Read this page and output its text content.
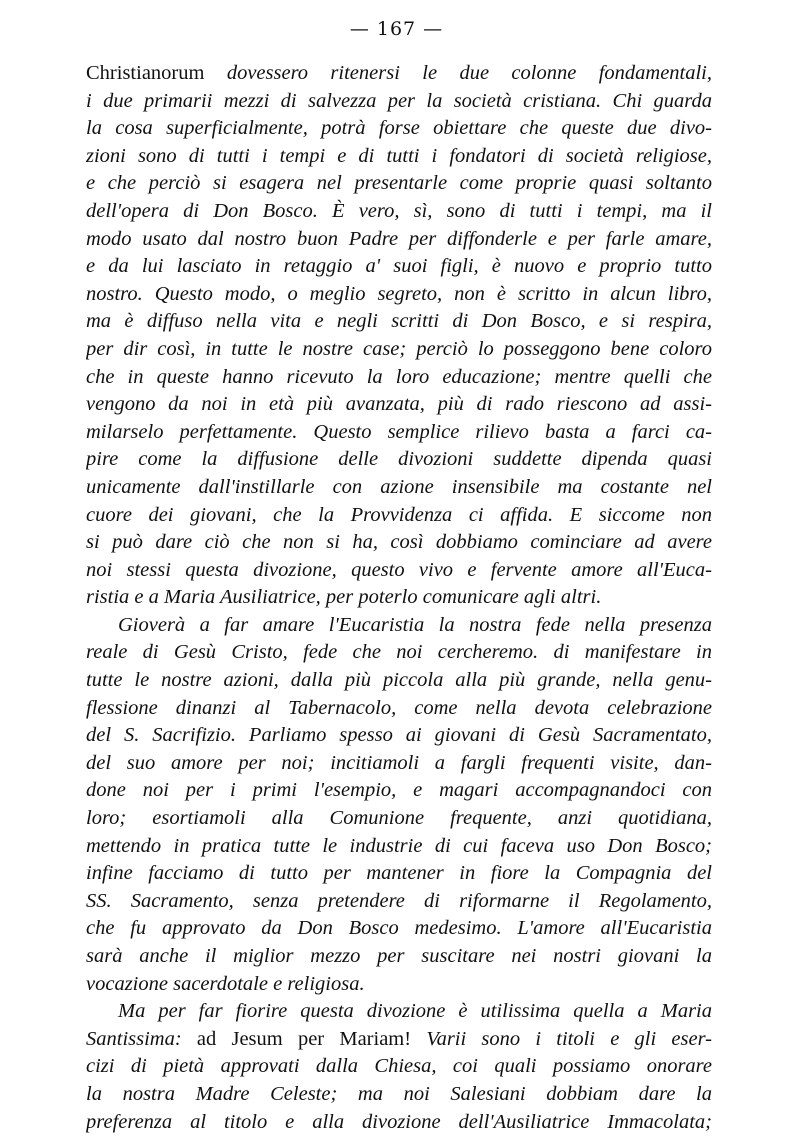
— 167 —
Christianorum dovessero ritenersi le due colonne fondamentali,
i due primarii mezzi di salvezza per la società cristiana. Chi guarda
la cosa superficialmente, potrà forse obiettare che queste due divo-
zioni sono di tutti i tempi e di tutti i fondatori di società religiose,
e che perciò si esagera nel presentarle come proprie quasi soltanto
dell'opera di Don Bosco. È vero, sì, sono di tutti i tempi, ma il
modo usato dal nostro buon Padre per diffonderle e per farle amare,
e da lui lasciato in retaggio a' suoi figli, è nuovo e proprio tutto
nostro. Questo modo, o meglio segreto, non è scritto in alcun libro,
ma è diffuso nella vita e negli scritti di Don Bosco, e si respira,
per dir così, in tutte le nostre case; perciò lo posseggono bene coloro
che in queste hanno ricevuto la loro educazione; mentre quelli che
vengono da noi in età più avanzata, più di rado riescono ad assi-
milarselo perfettamente. Questo semplice rilievo basta a farci ca-
pire come la diffusione delle divozioni suddette dipenda quasi
unicamente dall'instillarle con azione insensibile ma costante nel
cuore dei giovani, che la Provvidenza ci affida. E siccome non
si può dare ciò che non si ha, così dobbiamo cominciare ad avere
noi stessi questa divozione, questo vivo e fervente amore all'Euca-
ristia e a Maria Ausiliatrice, per poterlo comunicare agli altri.
Gioverà a far amare l'Eucaristia la nostra fede nella presenza
reale di Gesù Cristo, fede che noi cercheremo. di manifestare in
tutte le nostre azioni, dalla più piccola alla più grande, nella genu-
flessione dinanzi al Tabernacolo, come nella devota celebrazione
del S. Sacrifizio. Parliamo spesso ai giovani di Gesù Sacramentato,
del suo amore per noi; incitiamoli a fargli frequenti visite, dan-
done noi per i primi l'esempio, e magari accompagnandoci con
loro; esortiamoli alla Comunione frequente, anzi quotidiana,
mettendo in pratica tutte le industrie di cui faceva uso Don Bosco;
infine facciamo di tutto per mantener in fiore la Compagnia del
SS. Sacramento, senza pretendere di riformarne il Regolamento,
che fu approvato da Don Bosco medesimo. L'amore all'Eucaristia
sarà anche il miglior mezzo per suscitare nei nostri giovani la
vocazione sacerdotale e religiosa.
Ma per far fiorire questa divozione è utilissima quella a Maria
Santissima: ad Jesum per Mariam! Varii sono i titoli e gli eser-
cizi di pietà approvati dalla Chiesa, coi quali possiamo onorare
la nostra Madre Celeste; ma noi Salesiani dobbiam dare la
preferenza al titolo e alla divozione dell'Ausiliatrice Immacolata;
